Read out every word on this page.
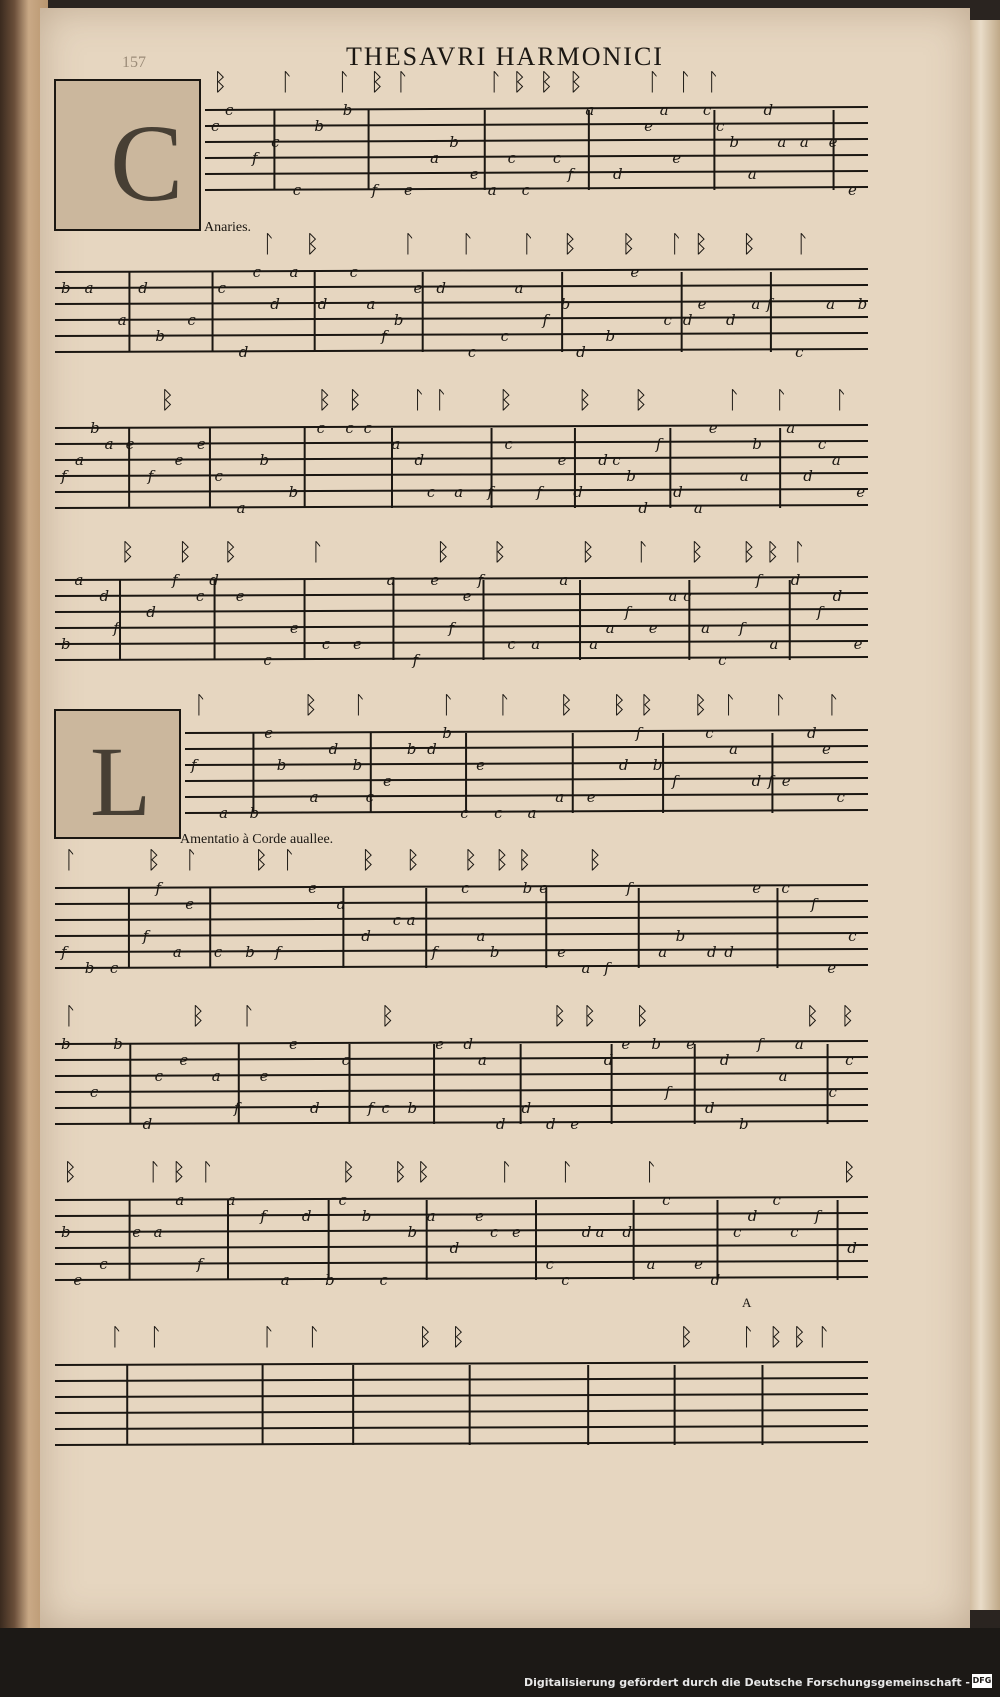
157	THESAVRI HARMONICI
C
L
ᛒ ᛚ ᛚ ᛒ ᛚ	ᛚ ᛒ ᛒ ᛒ	ᛚ ᛚ ᛚ
c
c
f
c
c
b
b
f e
a
b
e
a
c
c
c
f
a
d
e
a
e
c
c
b
a
d
a a e
e
ᛚ ᛒ	ᛚ ᛚ ᛚ ᛒ ᛒ ᛚ ᛒ ᛒ ᛚ
b a
a
d
b
c
c
d
c
d
a
d
c
a
f
b
e d
c
c
a
f
b
d
b
e
c d
e
d
a f
c
a b
ᛒ	ᛒ ᛒ ᛚ ᛚ ᛒ	ᛒ ᛒ	ᛚ ᛚ ᛚ
f
a
b
a e
f
e
e
c
a
b
b
c c c
a
d
c a f
c
f
e
d
d c
b
d
f
d
a
e
a
b
a
d
c
a
e
ᛒ ᛒ ᛒ	ᛚ	ᛒ ᛒ	ᛒ ᛚ ᛒ ᛒ ᛒ ᛚ
b
a
d
f
d
f
c
d
e
c
e
c e
a
f
e
f
e
f
c a
a
a
a
f
e
a c
a
c
f
f
a
d
f
d
e
ᛚ	ᛒ ᛚ	ᛚ ᛚ ᛒ ᛒ ᛒ ᛒ ᛚ ᛚ ᛚ
f
a b
e
b
a
d
b
c
e
b d
b
c
e
c a
a e
d
f
b
f
c
a
d f e
d
e
c
ᛚ	ᛒ ᛚ ᛒ ᛚ	ᛒ ᛒ ᛒ ᛒ ᛒ ᛒ
f
b c
f
f
a
e
c b f
e
a
d
c a
f
c
a
b
b e
e
a f
f
a
b
d d
e c
f
e
c
ᛚ	ᛒ ᛚ	ᛒ	ᛒ ᛒ ᛒ	ᛒ ᛒ
b
c
b
d
c
e
a
f
e
e
d
c
f c b
e d
a
d
d
d e
d
e b
f
e
d
d
b
f
a
a
c
c
ᛒ	ᛚ ᛒ ᛚ	ᛒ ᛒ ᛒ	ᛚ ᛚ	ᛚ	ᛒ
b
e
c
e a
a
f
a
f
a
d
b
c
b
c
b
a
d
e
c e
c
c
d a d
a
c
e
d
c
d
c
c
f
d
ᛚ ᛚ	ᛚ ᛚ	ᛒ ᛒ	ᛒ ᛚ ᛒ ᛒ ᛚ
Anaries.
Amentatio à Corde auallee.
A
Digitalisierung gefördert durch die Deutsche Forschungsgemeinschaft - DFG
